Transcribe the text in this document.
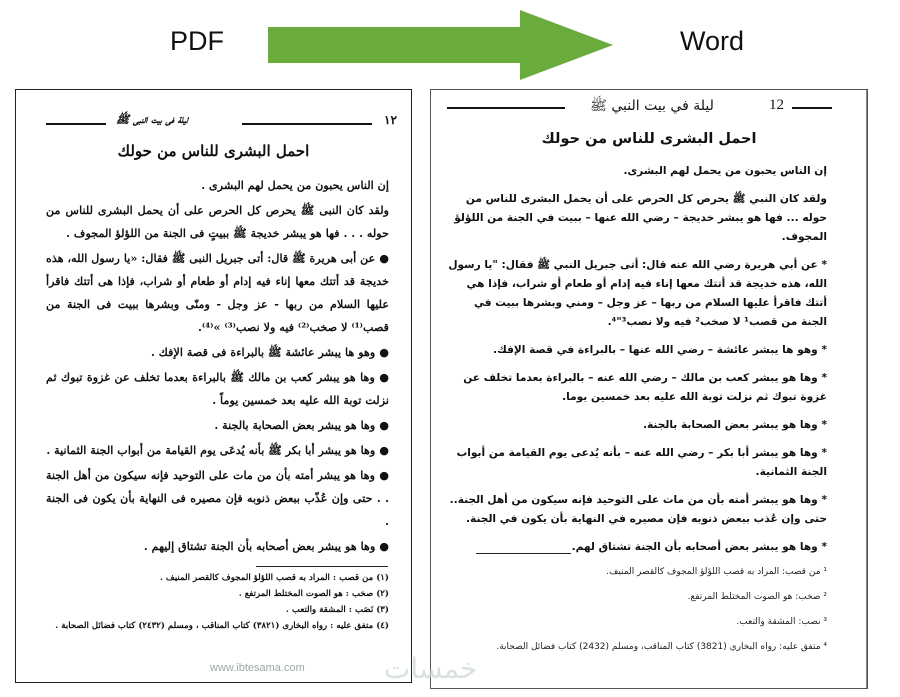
PDF	Word
ليلة فى بيت النبى ﷺ	١٢
احمل البشرى للناس من حولك

إن الناس يحبون من يحمل لهم البشرى .

ولقد كان النبى ﷺ يحرص كل الحرص على أن يحمل البشرى للناس من حوله . . . فها هو يبشر خديجة ﷺ ببيتٍ فى الجنة من اللؤلؤ المجوف .

● عن أبى هريرة ﷺ قال: أتى جبريل النبى ﷺ فقال: «يا رسول الله، هذه خديجة قد أتتك معها إناء فيه إدام أو طعام أو شراب، فإذا هى أتتك فاقرأ عليها السلام من ربها - عز وجل - ومنّى وبشرها ببيت فى الجنة من قصب⁽¹⁾ لا صخب⁽²⁾ فيه ولا نصب⁽³⁾ »⁽⁴⁾.

● وهو ها يبشر عائشة ﷺ بالبراءة فى قصة الإفك .

● وها هو يبشر كعب بن مالك ﷺ بالبراءة بعدما تخلف عن غزوة تبوك ثم نزلت توبة الله عليه بعد خمسين يوماً .

● وها هو يبشر بعض الصحابة بالجنة .

● وها هو يبشر أبا بكر ﷺ بأنه يُدعَى يوم القيامة من أبواب الجنة الثمانية .

● وها هو يبشر أمته بأن من مات على التوحيد فإنه سيكون من أهل الجنة . . حتى وإن عُذّب ببعض ذنوبه فإن مصيره فى النهاية بأن يكون فى الجنة .

● وها هو يبشر بعض أصحابه بأن الجنة تشتاق إليهم .

(١) من قصب : المراد به قصب اللؤلؤ المجوف كالقصر المنيف .
(٢) صخب : هو الصوت المختلط المرتفع .
(٣) نَصَب : المشقة والتعب .
(٤) متفق عليه : رواه البخارى (٣٨٢١) كتاب المناقب ، ومسلم (٢٤٣٢) كتاب فضائل الصحابة .
ليلة في بيت النبي ﷺ	12
احمل البشرى للناس من حولك

إن الناس يحبون من يحمل لهم البشرى.

ولقد كان النبي ﷺ يحرص كل الحرص على أن يحمل البشرى للناس من حوله ... فها هو يبشر خديجة – رضي الله عنها – ببيت في الجنة من اللؤلؤ المجوف.

* عن أبي هريرة رضي الله عنه قال: أتى جبريل النبي ﷺ فقال: "يا رسول الله، هذه خديجة قد أتتك معها إناء فيه إدام أو طعام أو شراب، فإذا هي أتتك فاقرأ عليها السلام من ربها – عز وجل – ومني وبشرها ببيت في الجنة من قصب¹ لا صخب² فيه ولا نصب³"⁴.

* وهو ها يبشر عائشة – رضي الله عنها – بالبراءة في قصة الإفك.

* وها هو يبشر كعب بن مالك – رضي الله عنه – بالبراءة بعدما تخلف عن غزوة تبوك ثم نزلت توبة الله عليه بعد خمسين يوما.

* وها هو يبشر بعض الصحابة بالجنة.

* وها هو يبشر أبا بكر – رضي الله عنه – بأنه يُدعى يوم القيامة من أبواب الجنة الثمانية.

* وها هو يبشر أمته بأن من مات على التوحيد فإنه سيكون من أهل الجنة.. حتى وإن عُذب ببعض ذنوبه فإن مصيره في النهاية بأن يكون في الجنة.

* وها هو يبشر بعض أصحابه بأن الجنة تشتاق لهم.

¹ من قصب: المراد به قصب اللؤلؤ المجوف كالقصر المنيف.
² صخب: هو الصوت المختلط المرتفع.
³ نصب: المشقة والتعب.
⁴ متفق عليه: رواه البخاري (3821) كتاب المناقب، ومسلم (2432) كتاب فضائل الصحابة.
www.ibtesama.com	خمسات
